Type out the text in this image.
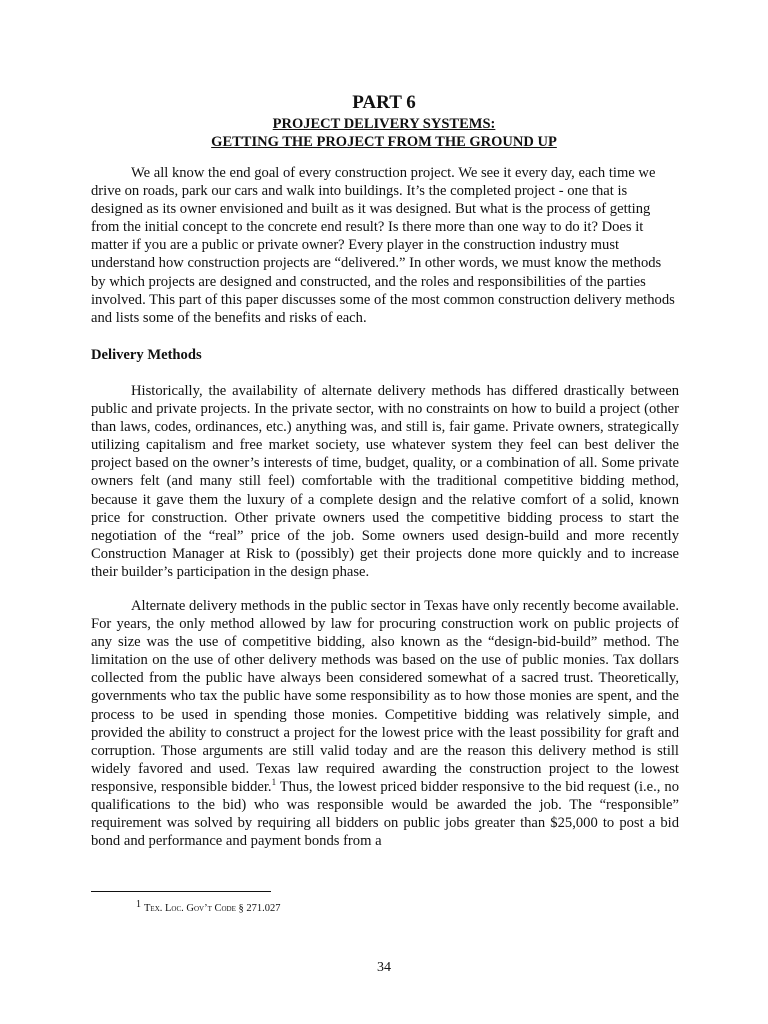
PART 6
PROJECT DELIVERY SYSTEMS:
GETTING THE PROJECT FROM THE GROUND UP

We all know the end goal of every construction project. We see it every day, each time we drive on roads, park our cars and walk into buildings. It’s the completed project - one that is designed as its owner envisioned and built as it was designed. But what is the process of getting from the initial concept to the concrete end result? Is there more than one way to do it? Does it matter if you are a public or private owner? Every player in the construction industry must understand how construction projects are “delivered.” In other words, we must know the methods by which projects are designed and constructed, and the roles and responsibilities of the parties involved. This part of this paper discusses some of the most common construction delivery methods and lists some of the benefits and risks of each.

Delivery Methods

Historically, the availability of alternate delivery methods has differed drastically between public and private projects. In the private sector, with no constraints on how to build a project (other than laws, codes, ordinances, etc.) anything was, and still is, fair game. Private owners, strategically utilizing capitalism and free market society, use whatever system they feel can best deliver the project based on the owner’s interests of time, budget, quality, or a combination of all. Some private owners felt (and many still feel) comfortable with the traditional competitive bidding method, because it gave them the luxury of a complete design and the relative comfort of a solid, known price for construction. Other private owners used the competitive bidding process to start the negotiation of the “real” price of the job. Some owners used design-build and more recently Construction Manager at Risk to (possibly) get their projects done more quickly and to increase their builder’s participation in the design phase.

Alternate delivery methods in the public sector in Texas have only recently become available. For years, the only method allowed by law for procuring construction work on public projects of any size was the use of competitive bidding, also known as the “design-bid-build” method. The limitation on the use of other delivery methods was based on the use of public monies. Tax dollars collected from the public have always been considered somewhat of a sacred trust. Theoretically, governments who tax the public have some responsibility as to how those monies are spent, and the process to be used in spending those monies. Competitive bidding was relatively simple, and provided the ability to construct a project for the lowest price with the least possibility for graft and corruption. Those arguments are still valid today and are the reason this delivery method is still widely favored and used. Texas law required awarding the construction project to the lowest responsive, responsible bidder.$^1$ Thus, the lowest priced bidder responsive to the bid request (i.e., no qualifications to the bid) who was responsible would be awarded the job. The “responsible” requirement was solved by requiring all bidders on public jobs greater than $25,000 to post a bid bond and performance and payment bonds from a

1 Tex. Loc. Gov’t Code § 271.027

34
